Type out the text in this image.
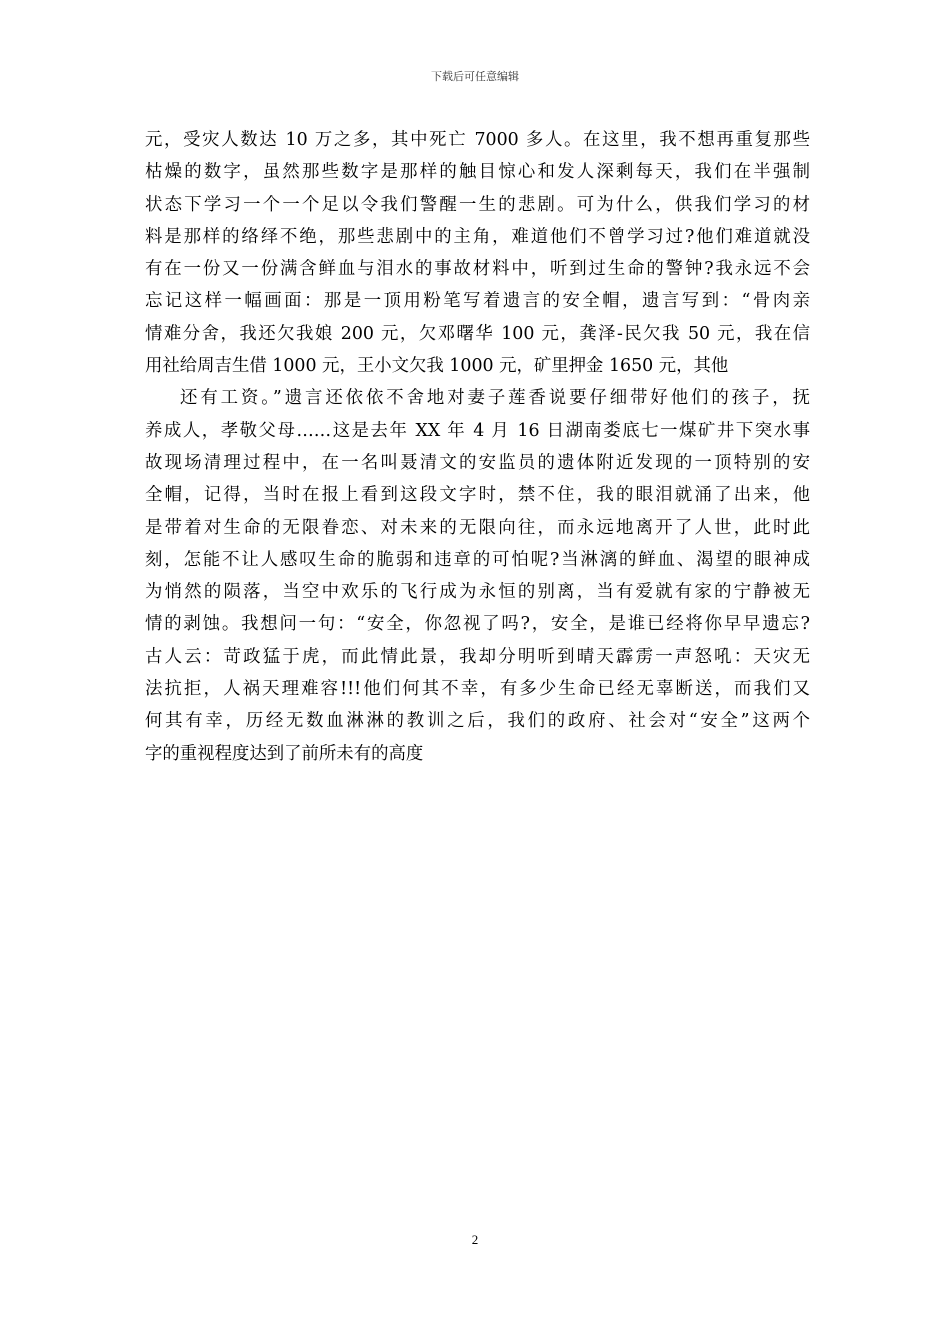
下载后可任意编辑
元，受灾人数达 10 万之多，其中死亡 7000 多人。在这里，我不想再重复那些
枯燥的数字，虽然那些数字是那样的触目惊心和发人深剩每天，我们在半强制
状态下学习一个一个足以令我们警醒一生的悲剧。可为什么，供我们学习的材
料是那样的络绎不绝，那些悲剧中的主角，难道他们不曾学习过?他们难道就没
有在一份又一份满含鲜血与泪水的事故材料中，听到过生命的警钟?我永远不会
忘记这样一幅画面：那是一顶用粉笔写着遗言的安全帽，遗言写到：“骨肉亲
情难分舍，我还欠我娘 200 元，欠邓曙华 100 元，龚泽-民欠我 50 元，我在信
用社给周吉生借 1000 元，王小文欠我 1000 元，矿里押金 1650 元，其他
还有工资。”遗言还依依不舍地对妻子莲香说要仔细带好他们的孩子，抚
养成人，孝敬父母……这是去年 XX 年 4 月 16 日湖南娄底七一煤矿井下突水事
故现场清理过程中，在一名叫聂清文的安监员的遗体附近发现的一顶特别的安
全帽，记得，当时在报上看到这段文字时，禁不住，我的眼泪就涌了出来，他
是带着对生命的无限眷恋、对未来的无限向往，而永远地离开了人世，此时此
刻，怎能不让人感叹生命的脆弱和违章的可怕呢?当淋漓的鲜血、渴望的眼神成
为悄然的陨落，当空中欢乐的飞行成为永恒的别离，当有爱就有家的宁静被无
情的剥蚀。我想问一句：“安全，你忽视了吗?，安全，是谁已经将你早早遗忘?
古人云：苛政猛于虎，而此情此景，我却分明听到晴天霹雳一声怒吼：天灾无
法抗拒，人祸天理难容!!!他们何其不幸，有多少生命已经无辜断送，而我们又
何其有幸，历经无数血淋淋的教训之后，我们的政府、社会对“安全”这两个
字的重视程度达到了前所未有的高度
2
